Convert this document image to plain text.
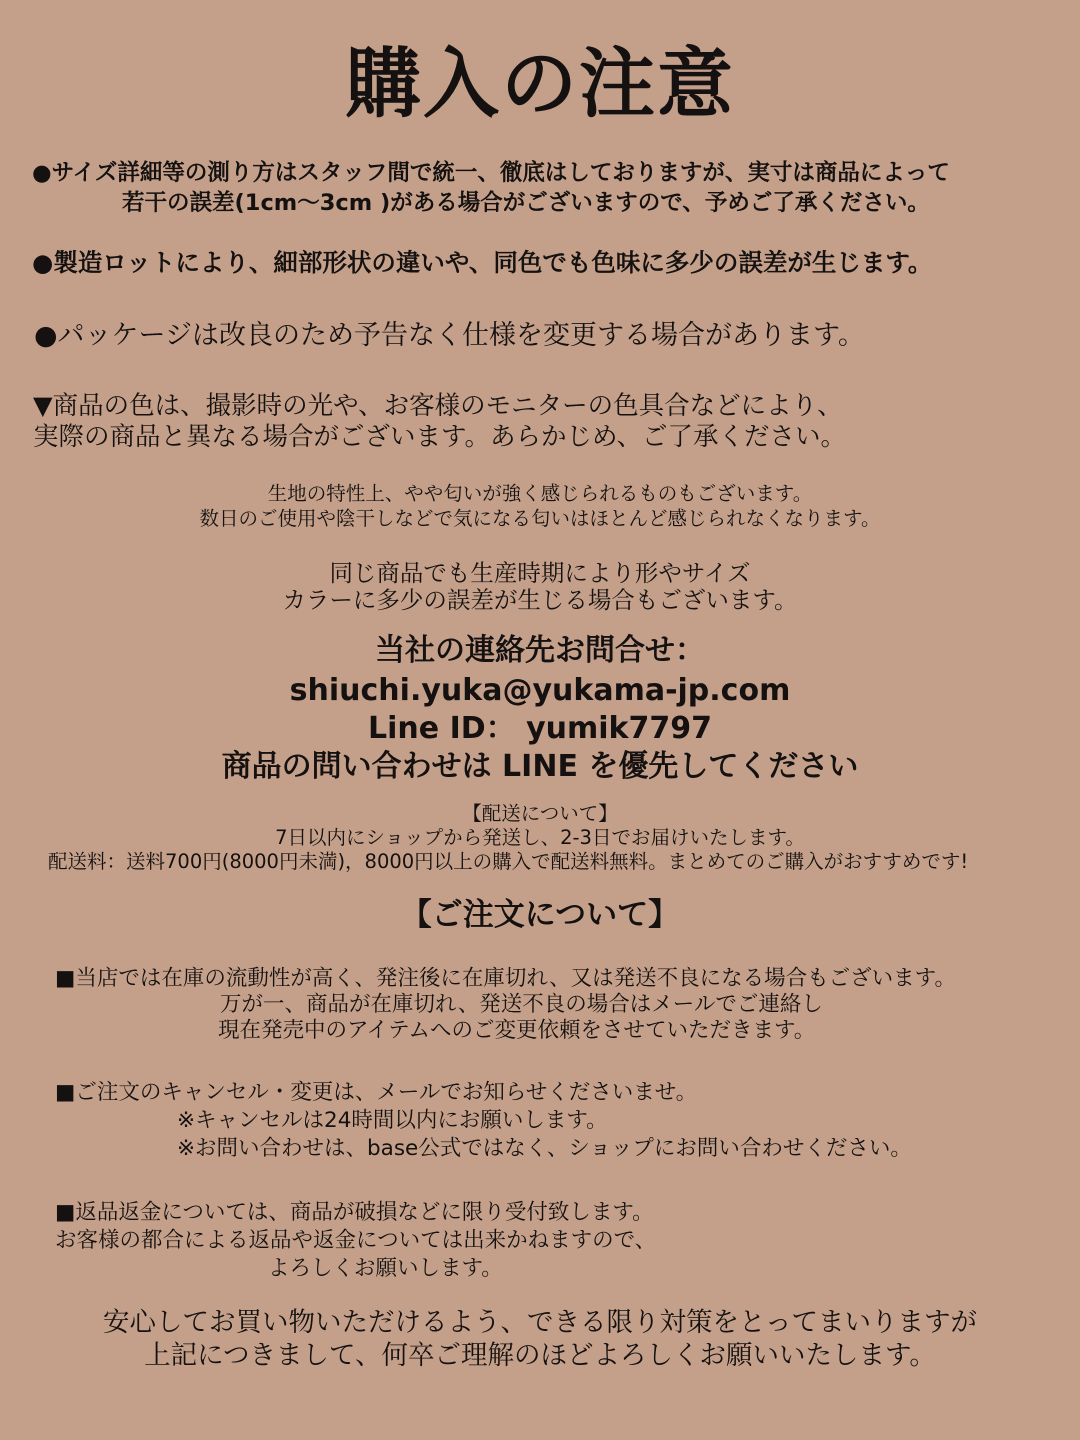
購入の注意
●サイズ詳細等の測り方はスタッフ間で統一、徹底はしておりますが、実寸は商品によって
若干の誤差(1cm～3cm )がある場合がございますので、予めご了承ください。
●製造ロットにより、細部形状の違いや、同色でも色味に多少の誤差が生じます。
●パッケージは改良のため予告なく仕様を変更する場合があります。
▼商品の色は、撮影時の光や、お客様のモニターの色具合などにより、
実際の商品と異なる場合がございます。あらかじめ、ご了承ください。
生地の特性上、やや匂いが強く感じられるものもございます。
数日のご使用や陰干しなどで気になる匂いはほとんど感じられなくなります。
同じ商品でも生産時期により形やサイズ
カラーに多少の誤差が生じる場合もございます。
当社の連絡先お問合せ：
shiuchi.yuka@yukama-jp.com
Line ID： yumik7797
商品の問い合わせは LINE を優先してください
【配送について】
7日以内にショップから発送し、2-3日でお届けいたします。
配送料：送料700円(8000円未満)，8000円以上の購入で配送料無料。まとめてのご購入がおすすめです!
【ご注文について】
■当店では在庫の流動性が高く、発注後に在庫切れ、又は発送不良になる場合もございます。
万が一、商品が在庫切れ、発送不良の場合はメールでご連絡し
現在発売中のアイテムへのご変更依頼をさせていただきます。
■ご注文のキャンセル・変更は、メールでお知らせくださいませ。
※キャンセルは24時間以内にお願いします。
※お問い合わせは、base公式ではなく、ショップにお問い合わせください。
■返品返金については、商品が破損などに限り受付致します。
お客様の都合による返品や返金については出来かねますので、
よろしくお願いします。
安心してお買い物いただけるよう、できる限り対策をとってまいりますが
上記につきまして、何卒ご理解のほどよろしくお願いいたします。
